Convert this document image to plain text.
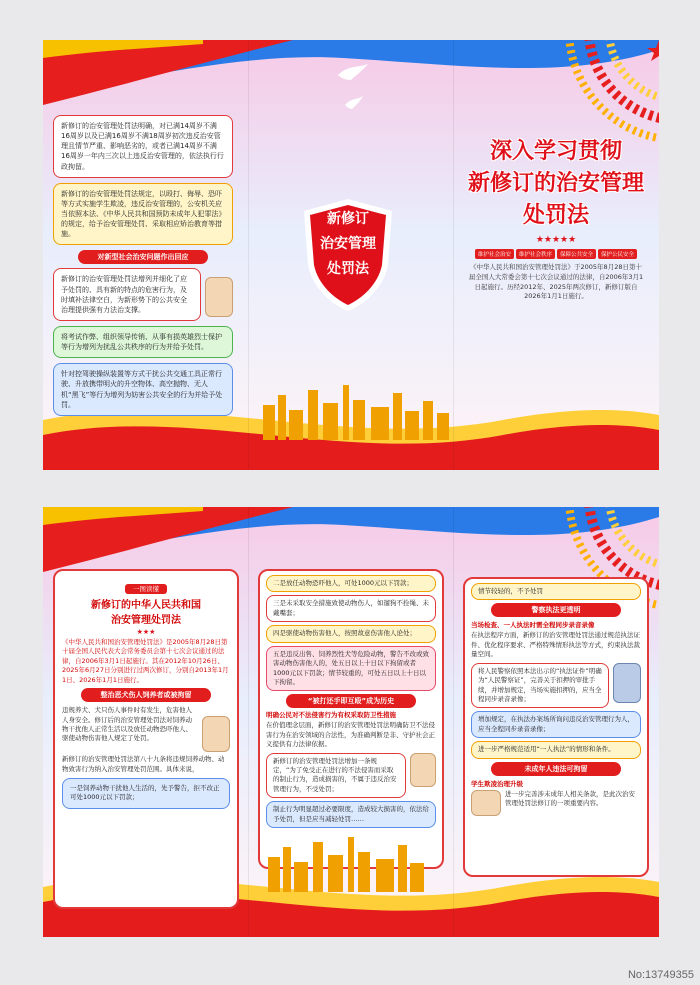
新修订的治安管理处罚法明确，对已满14周岁不满16周岁以及已满16周岁不满18周岁初次违反治安管理且情节严重、影响恶劣的，或者已满14周岁不满16周岁一年内三次以上违反治安管理的，依法执行行政拘留。
新修订的治安管理处罚法规定，以殴打、侮辱、恐吓等方式实施学生欺凌，违反治安管理的，公安机关应当依照本法、《中华人民共和国预防未成年人犯罪法》的规定，给予治安管理处罚、采取相应矫治教育等措施。
对新型社会治安问题作出回应
新修订的治安管理处罚法增列并细化了应予处罚的、具有新的特点的危害行为，及时填补法律空白，为新形势下的公共安全治理提供强有力法治支撑。
将考试作弊、组织领导传销、从事有损英雄烈士保护等行为增列为扰乱公共秩序的行为并给予处罚。
针对控驾驶操纵装置等方式干扰公共交通工具正常行驶、升放携带明火的升空物体、高空抛物、无人机“黑飞”等行为增列为妨害公共安全的行为并给予处罚。
新修订
治安管理
处罚法
深入学习贯彻
新修订的治安管理
处罚法
★★★★★
维护社会治安	维护社会秩序	保障公共安全	保护公民安全
《中华人民共和国治安管理处罚法》于2005年8月28日第十届全国人大常委会第十七次会议通过的法律，自2006年3月1日起施行。历经2012年、2025年两次修订，新修订版自2026年1月1日施行。
一图读懂
新修订的中华人民共和国
治安管理处罚法
★★★
《中华人民共和国治安管理处罚法》是2005年8月28日第十届全国人民代表大会常务委员会第十七次会议通过的法律，自2006年3月1日起施行。其在2012年10月26日、2025年6月27日分别进行过两次修订，分别自2013年1月1日、2026年1月1日施行。
整治恶犬伤人饲养者或被拘留
违规养犬、犬只伤人事件时有发生，危害他人人身安全。修订后的治安管理处罚法对饲养动物干扰他人正常生活以及放任动物恐吓他人、驱使动物伤害他人规定了处罚。
新修订的治安管理处罚法第八十九条将违规饲养动物、动物致害行为纳入治安管理处罚范围。具体来说，
一是饲养动物干扰他人生活的，先予警告，拒不改正可处1000元以下罚款；
二是放任动物恐吓他人，可处1000元以下罚款；
三是未采取安全措施致使动物伤人，如遛狗不拴绳、未戴嘴套；
四是驱使动物伤害他人，按照故意伤害他人论处；
五是违反出售、饲养烈性犬等危险动物，警告不改或致害动物伤害他人的，处五日以上十日以下拘留或者1000元以下罚款；情节较重的，可处五日以上十日以下拘留。
“被打还手即互殴”成为历史
明确公民对不法侵害行为有权采取防卫性措施
在价值理念层面，新修订的治安管理处罚法明确防卫不法侵害行为在治安领域的合法性，为准确判断是非、守护社会正义提供有力法律依据。
新修订的治安管理处罚法增加一条规定，“为了免受正在进行的不法侵害而采取的制止行为，造成损害的，不属于违反治安管理行为，不受处罚；
制止行为明显超过必要限度，造成较大损害的，依法给予处罚，但是应当减轻处罚……
情节较轻的，不予处罚
警察执法更透明
当场检查、一人执法时需全程同步录音录像
在执法程序方面，新修订的治安管理处罚法通过规范执法证件、优化程序要求、严格特殊情形执法等方式，约束执法裁量空间。
将人民警察依照本法出示的“执法证件”明确为“人民警察证”，完善关于扣押的审批手续，并增加规定，当场实施扣押的，应当全程同步录音录像；
增加规定，在执法办案场所询问违反治安管理行为人，应当全程同步录音录像；
进一步严格规范适用“一人执法”的情形和条件。
未成年人违法可拘留
学生欺凌治理升级
进一步完善涉未成年人相关条款，是此次治安管理处罚法修订的一项重要内容。
No:13749355
